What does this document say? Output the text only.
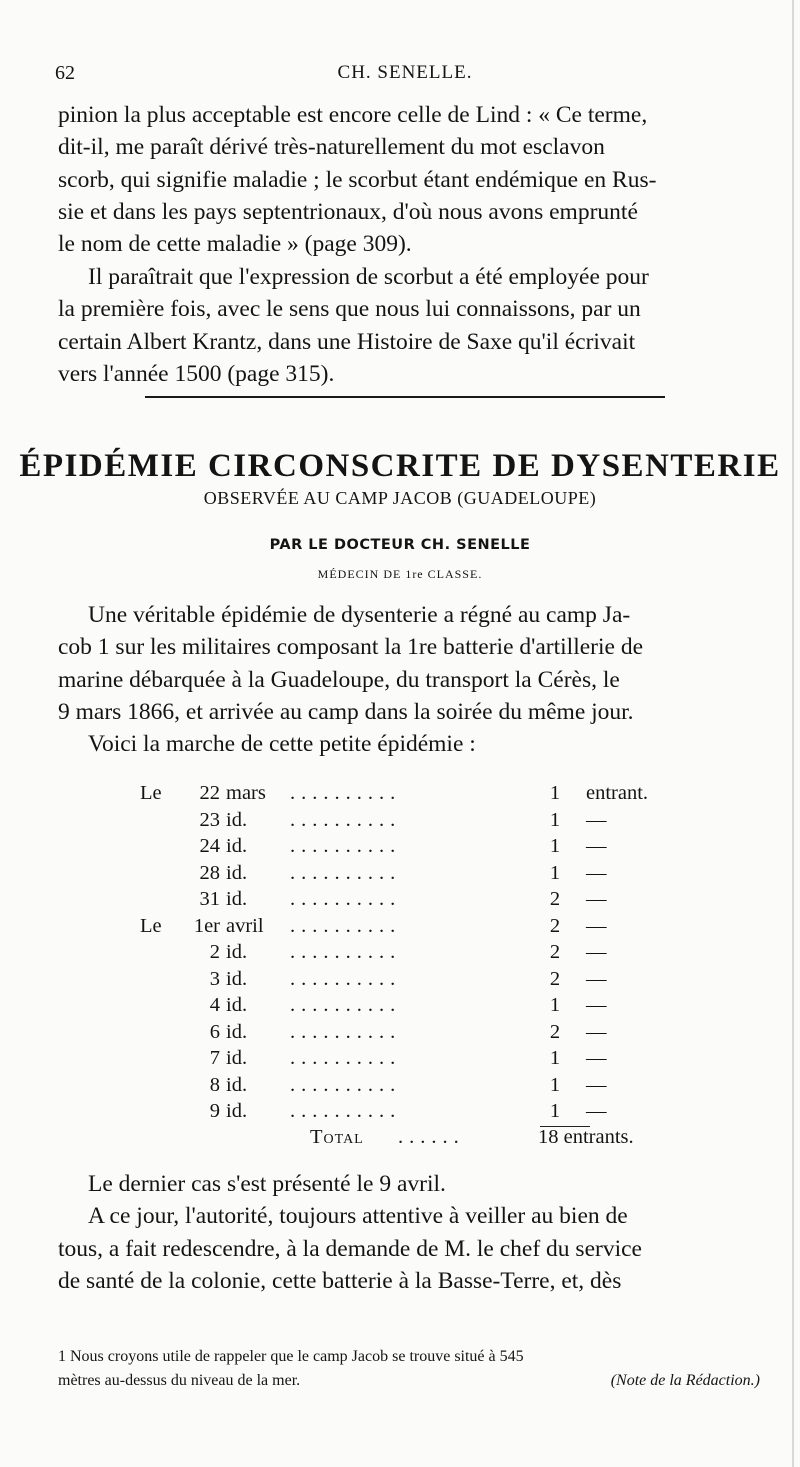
62	CH. SENELLE.

pinion la plus acceptable est encore celle de Lind : « Ce terme,

dit-il, me paraît dérivé très-naturellement du mot esclavon

scorb, qui signifie maladie ; le scorbut étant endémique en Rus-

sie et dans les pays septentrionaux, d'où nous avons emprunté

le nom de cette maladie » (page 309).

Il paraîtrait que l'expression de scorbut a été employée pour

la première fois, avec le sens que nous lui connaissons, par un

certain Albert Krantz, dans une Histoire de Saxe qu'il écrivait

vers l'année 1500 (page 315).

ÉPIDÉMIE CIRCONSCRITE DE DYSENTERIE
OBSERVÉE AU CAMP JACOB (GUADELOUPE)
PAR LE DOCTEUR CH. SENELLE
MÉDECIN DE 1re CLASSE.

Une véritable épidémie de dysenterie a régné au camp Ja-

cob 1 sur les militaires composant la 1re batterie d'artillerie de

marine débarquée à la Guadeloupe, du transport la Cérès, le

9 mars 1866, et arrivée au camp dans la soirée du même jour.

Voici la marche de cette petite épidémie :

Le	22 mars ..........	1	entrant.
23 id. ..........	1	—
24 id. ..........	1	—
28 id. ..........	1	—
31 id. ..........	2	—
Le	1er avril ..........	2	—
2 id. ..........	2	—
3 id. ..........	2	—
4 id. ..........	1	—
6 id. ..........	2	—
7 id. ..........	1	—
8 id. ..........	1	—
9 id. ..........	1	—
Total ......	18 entrants.

Le dernier cas s'est présenté le 9 avril.

A ce jour, l'autorité, toujours attentive à veiller au bien de

tous, a fait redescendre, à la demande de M. le chef du service

de santé de la colonie, cette batterie à la Basse-Terre, et, dès

1 Nous croyons utile de rappeler que le camp Jacob se trouve situé à 545
mètres au-dessus du niveau de la mer.	(Note de la Rédaction.)
